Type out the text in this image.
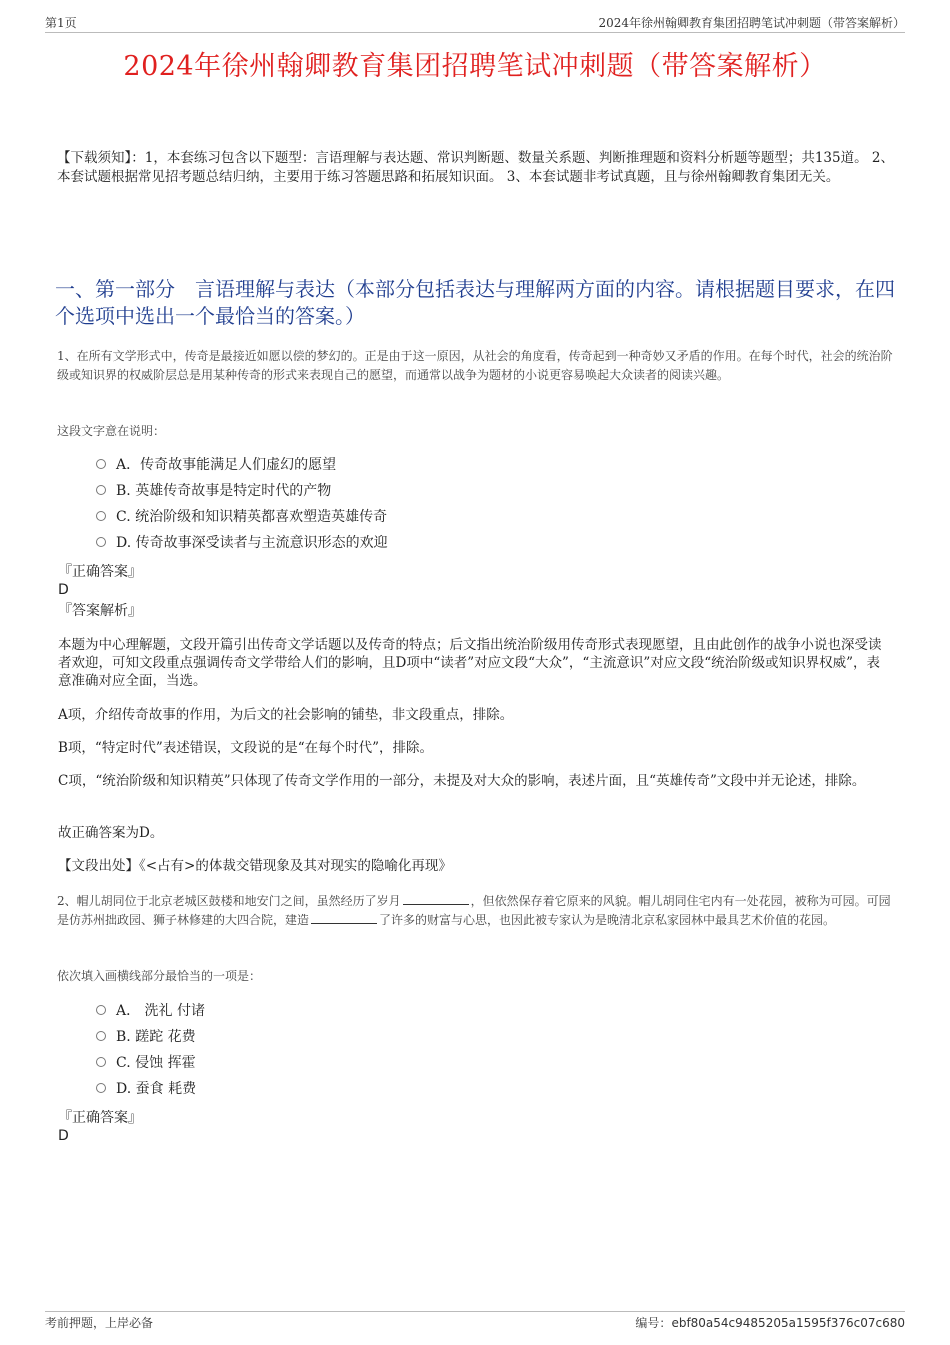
第1页	2024年徐州翰卿教育集团招聘笔试冲刺题（带答案解析）
2024年徐州翰卿教育集团招聘笔试冲刺题（带答案解析）
【下载须知】：1，本套练习包含以下题型：言语理解与表达题、常识判断题、数量关系题、判断推理题和资料分析题等题型；共135道。 2、本套试题根据常见招考题总结归纳，主要用于练习答题思路和拓展知识面。 3、本套试题非考试真题，且与徐州翰卿教育集团无关。
一、第一部分　言语理解与表达（本部分包括表达与理解两方面的内容。请根据题目要求，在四个选项中选出一个最恰当的答案。）
1、在所有文学形式中，传奇是最接近如愿以偿的梦幻的。正是由于这一原因，从社会的角度看，传奇起到一种奇妙又矛盾的作用。在每个时代，社会的统治阶级或知识界的权威阶层总是用某种传奇的形式来表现自己的愿望，而通常以战争为题材的小说更容易唤起大众读者的阅读兴趣。
这段文字意在说明：
A．传奇故事能满足人们虚幻的愿望
B. 英雄传奇故事是特定时代的产物
C. 统治阶级和知识精英都喜欢塑造英雄传奇
D. 传奇故事深受读者与主流意识形态的欢迎
『正确答案』
D
『答案解析』
本题为中心理解题，文段开篇引出传奇文学话题以及传奇的特点；后文指出统治阶级用传奇形式表现愿望，且由此创作的战争小说也深受读者欢迎，可知文段重点强调传奇文学带给人们的影响，且D项中“读者”对应文段“大众”，“主流意识”对应文段“统治阶级或知识界权威”，表意准确对应全面，当选。
A项，介绍传奇故事的作用，为后文的社会影响的铺垫，非文段重点，排除。
B项，“特定时代”表述错误，文段说的是“在每个时代”，排除。
C项，“统治阶级和知识精英”只体现了传奇文学作用的一部分，未提及对大众的影响，表述片面，且“英雄传奇”文段中并无论述，排除。
故正确答案为D。
【文段出处】《<占有>的体裁交错现象及其对现实的隐喻化再现》
2、帽儿胡同位于北京老城区鼓楼和地安门之间，虽然经历了岁月	，但依然保存着它原来的风貌。帽儿胡同住宅内有一处花园，被称为可园。可园是仿苏州拙政园、狮子林修建的大四合院，建造	了许多的财富与心思，也因此被专家认为是晚清北京私家园林中最具艺术价值的花园。
依次填入画横线部分最恰当的一项是：
A． 洗礼 付诸
B. 蹉跎 花费
C. 侵蚀 挥霍
D. 蚕食 耗费
『正确答案』
D
考前押题，上岸必备	编号：ebf80a54c9485205a1595f376c07c680
